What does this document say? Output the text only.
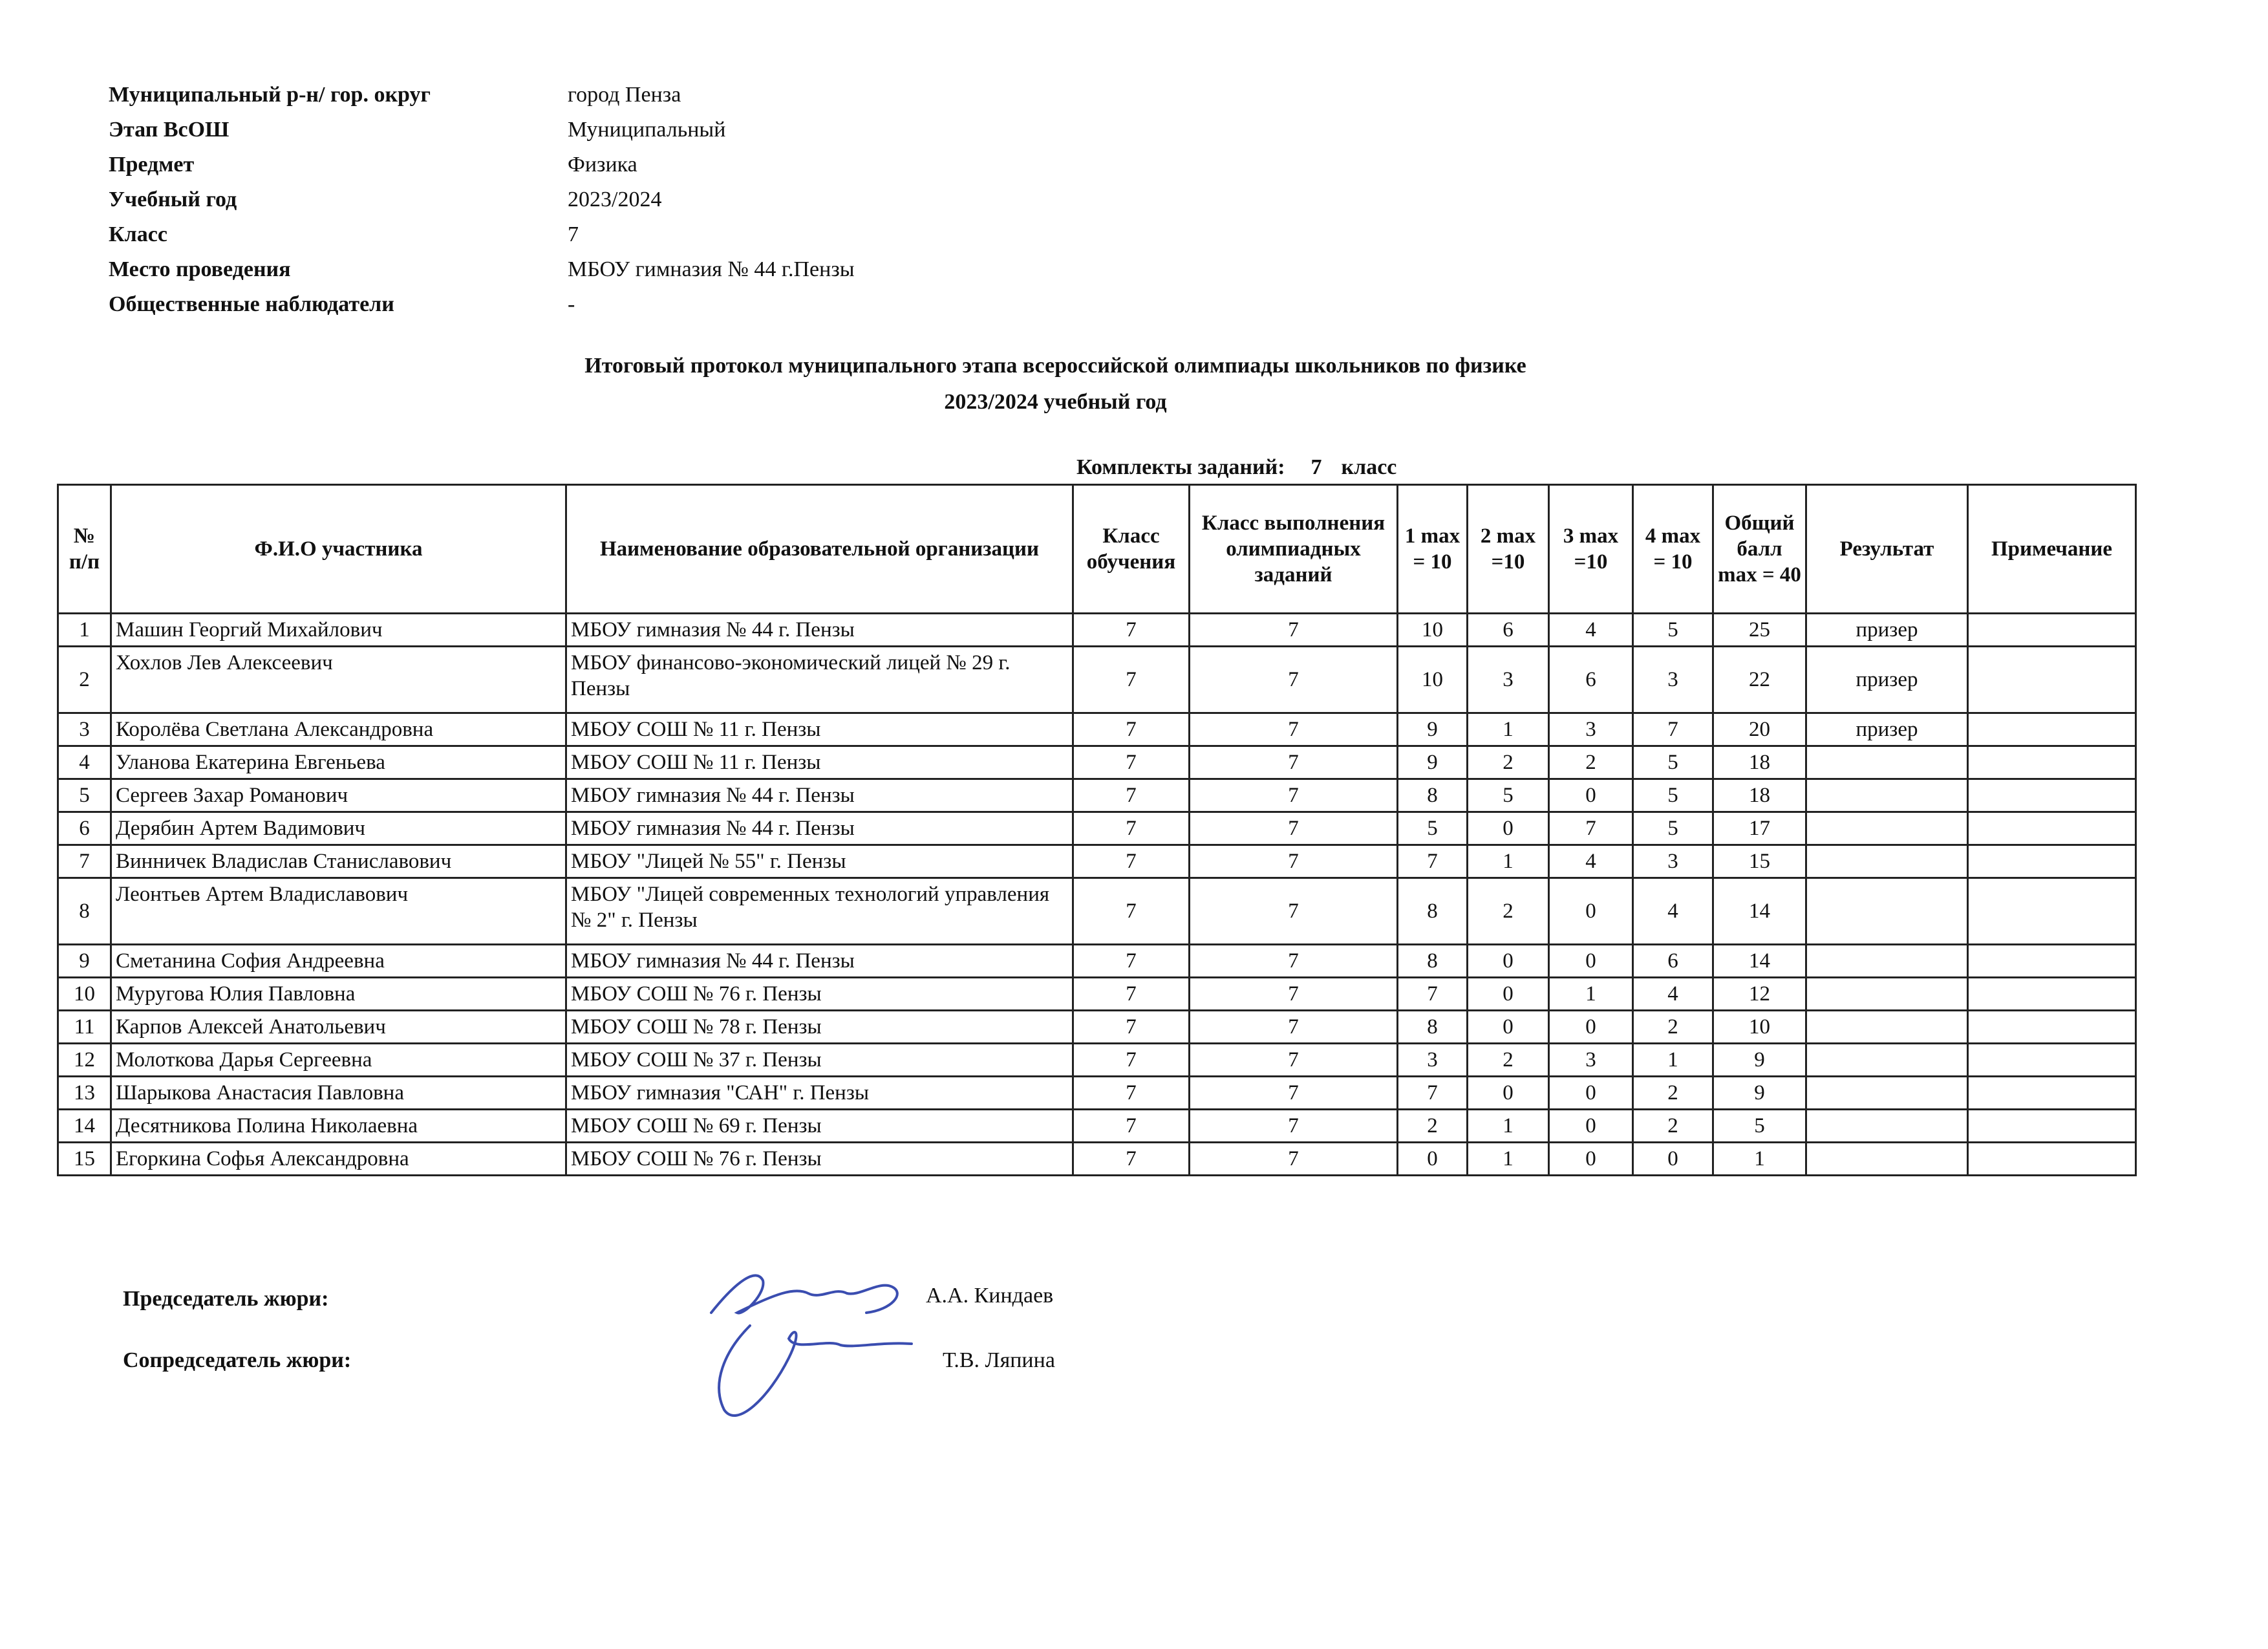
Муниципальный р-н/ гор. округ	город Пенза
Этап ВсОШ	Муниципальный
Предмет	Физика
Учебный год	2023/2024
Класс	7
Место проведения	МБОУ гимназия № 44 г.Пензы
Общественные наблюдатели	-
Итоговый протокол муниципального этапа всероссийской олимпиады школьников по физике
2023/2024 учебный год
Комплекты заданий: 7 класс
№ п/п	Ф.И.О участника	Наименование образовательной организации	Класс обучения	Класс выполнения олимпиадных заданий	1 max = 10	2 max =10	3 max =10	4 max = 10	Общий балл max = 40	Результат	Примечание
1	Машин Георгий Михайлович	МБОУ гимназия № 44 г. Пензы	7	7	10	6	4	5	25	призер	
2	Хохлов Лев Алексеевич	МБОУ финансово-экономический лицей № 29 г. Пензы	7	7	10	3	6	3	22	призер	
3	Королёва Светлана Александровна	МБОУ СОШ № 11 г. Пензы	7	7	9	1	3	7	20	призер	
4	Уланова Екатерина Евгеньева	МБОУ СОШ № 11 г. Пензы	7	7	9	2	2	5	18		
5	Сергеев Захар Романович	МБОУ гимназия № 44 г. Пензы	7	7	8	5	0	5	18		
6	Дерябин Артем Вадимович	МБОУ гимназия № 44 г. Пензы	7	7	5	0	7	5	17		
7	Винничек Владислав Станиславович	МБОУ "Лицей № 55" г. Пензы	7	7	7	1	4	3	15		
8	Леонтьев Артем Владиславович	МБОУ "Лицей современных технологий управления № 2" г. Пензы	7	7	8	2	0	4	14		
9	Сметанина София Андреевна	МБОУ гимназия № 44 г. Пензы	7	7	8	0	0	6	14		
10	Муругова Юлия Павловна	МБОУ СОШ № 76 г. Пензы	7	7	7	0	1	4	12		
11	Карпов Алексей Анатольевич	МБОУ СОШ № 78 г. Пензы	7	7	8	0	0	2	10		
12	Молоткова Дарья Сергеевна	МБОУ СОШ № 37 г. Пензы	7	7	3	2	3	1	9		
13	Шарыкова Анастасия Павловна	МБОУ гимназия "САН" г. Пензы	7	7	7	0	0	2	9		
14	Десятникова Полина Николаевна	МБОУ СОШ № 69 г. Пензы	7	7	2	1	0	2	5		
15	Егоркина Софья Александровна	МБОУ СОШ № 76 г. Пензы	7	7	0	1	0	0	1		
Председатель жюри:	А.А. Киндаев
Сопредседатель жюри:	Т.В. Ляпина
